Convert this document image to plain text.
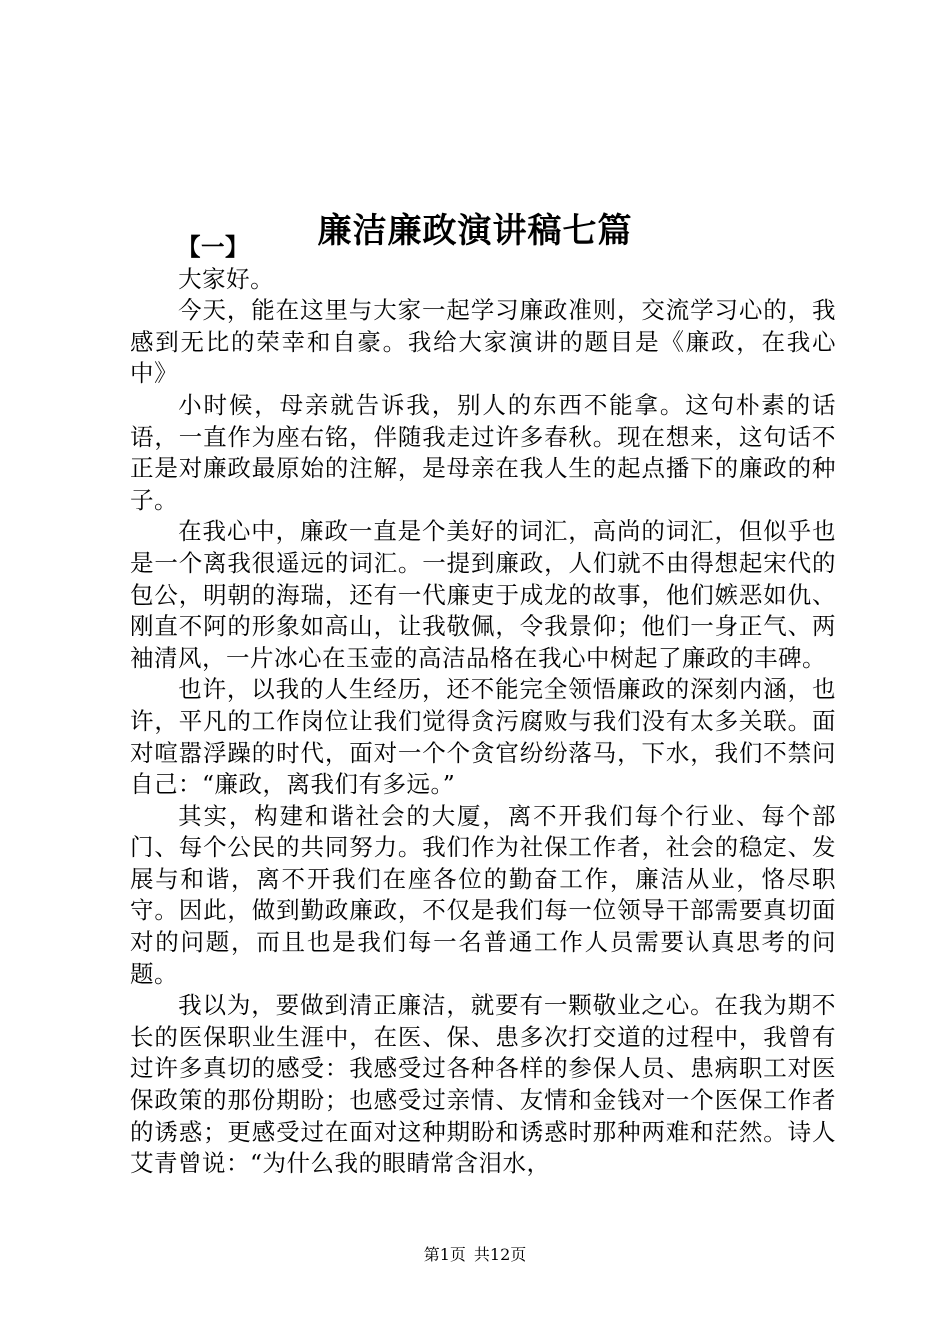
廉洁廉政演讲稿七篇

【一】

大家好。

今天，能在这里与大家一起学习廉政准则，交流学习心的，我感到无比的荣幸和自豪。我给大家演讲的题目是《廉政，在我心中》

小时候，母亲就告诉我，别人的东西不能拿。这句朴素的话语，一直作为座右铭，伴随我走过许多春秋。现在想来，这句话不正是对廉政最原始的注解，是母亲在我人生的起点播下的廉政的种子。

在我心中，廉政一直是个美好的词汇，高尚的词汇，但似乎也是一个离我很遥远的词汇。一提到廉政，人们就不由得想起宋代的包公，明朝的海瑞，还有一代廉吏于成龙的故事，他们嫉恶如仇、刚直不阿的形象如高山，让我敬佩，令我景仰；他们一身正气、两袖清风，一片冰心在玉壶的高洁品格在我心中树起了廉政的丰碑。

也许，以我的人生经历，还不能完全领悟廉政的深刻内涵，也许，平凡的工作岗位让我们觉得贪污腐败与我们没有太多关联。面对喧嚣浮躁的时代，面对一个个贪官纷纷落马，下水，我们不禁问自己：“廉政，离我们有多远。”

其实，构建和谐社会的大厦，离不开我们每个行业、每个部门、每个公民的共同努力。我们作为社保工作者，社会的稳定、发展与和谐，离不开我们在座各位的勤奋工作，廉洁从业，恪尽职守。因此，做到勤政廉政，不仅是我们每一位领导干部需要真切面对的问题，而且也是我们每一名普通工作人员需要认真思考的问题。

我以为，要做到清正廉洁，就要有一颗敬业之心。在我为期不长的医保职业生涯中，在医、保、患多次打交道的过程中，我曾有过许多真切的感受：我感受过各种各样的参保人员、患病职工对医保政策的那份期盼；也感受过亲情、友情和金钱对一个医保工作者的诱惑；更感受过在面对这种期盼和诱惑时那种两难和茫然。诗人艾青曾说：“为什么我的眼睛常含泪水，

第1页 共12页
